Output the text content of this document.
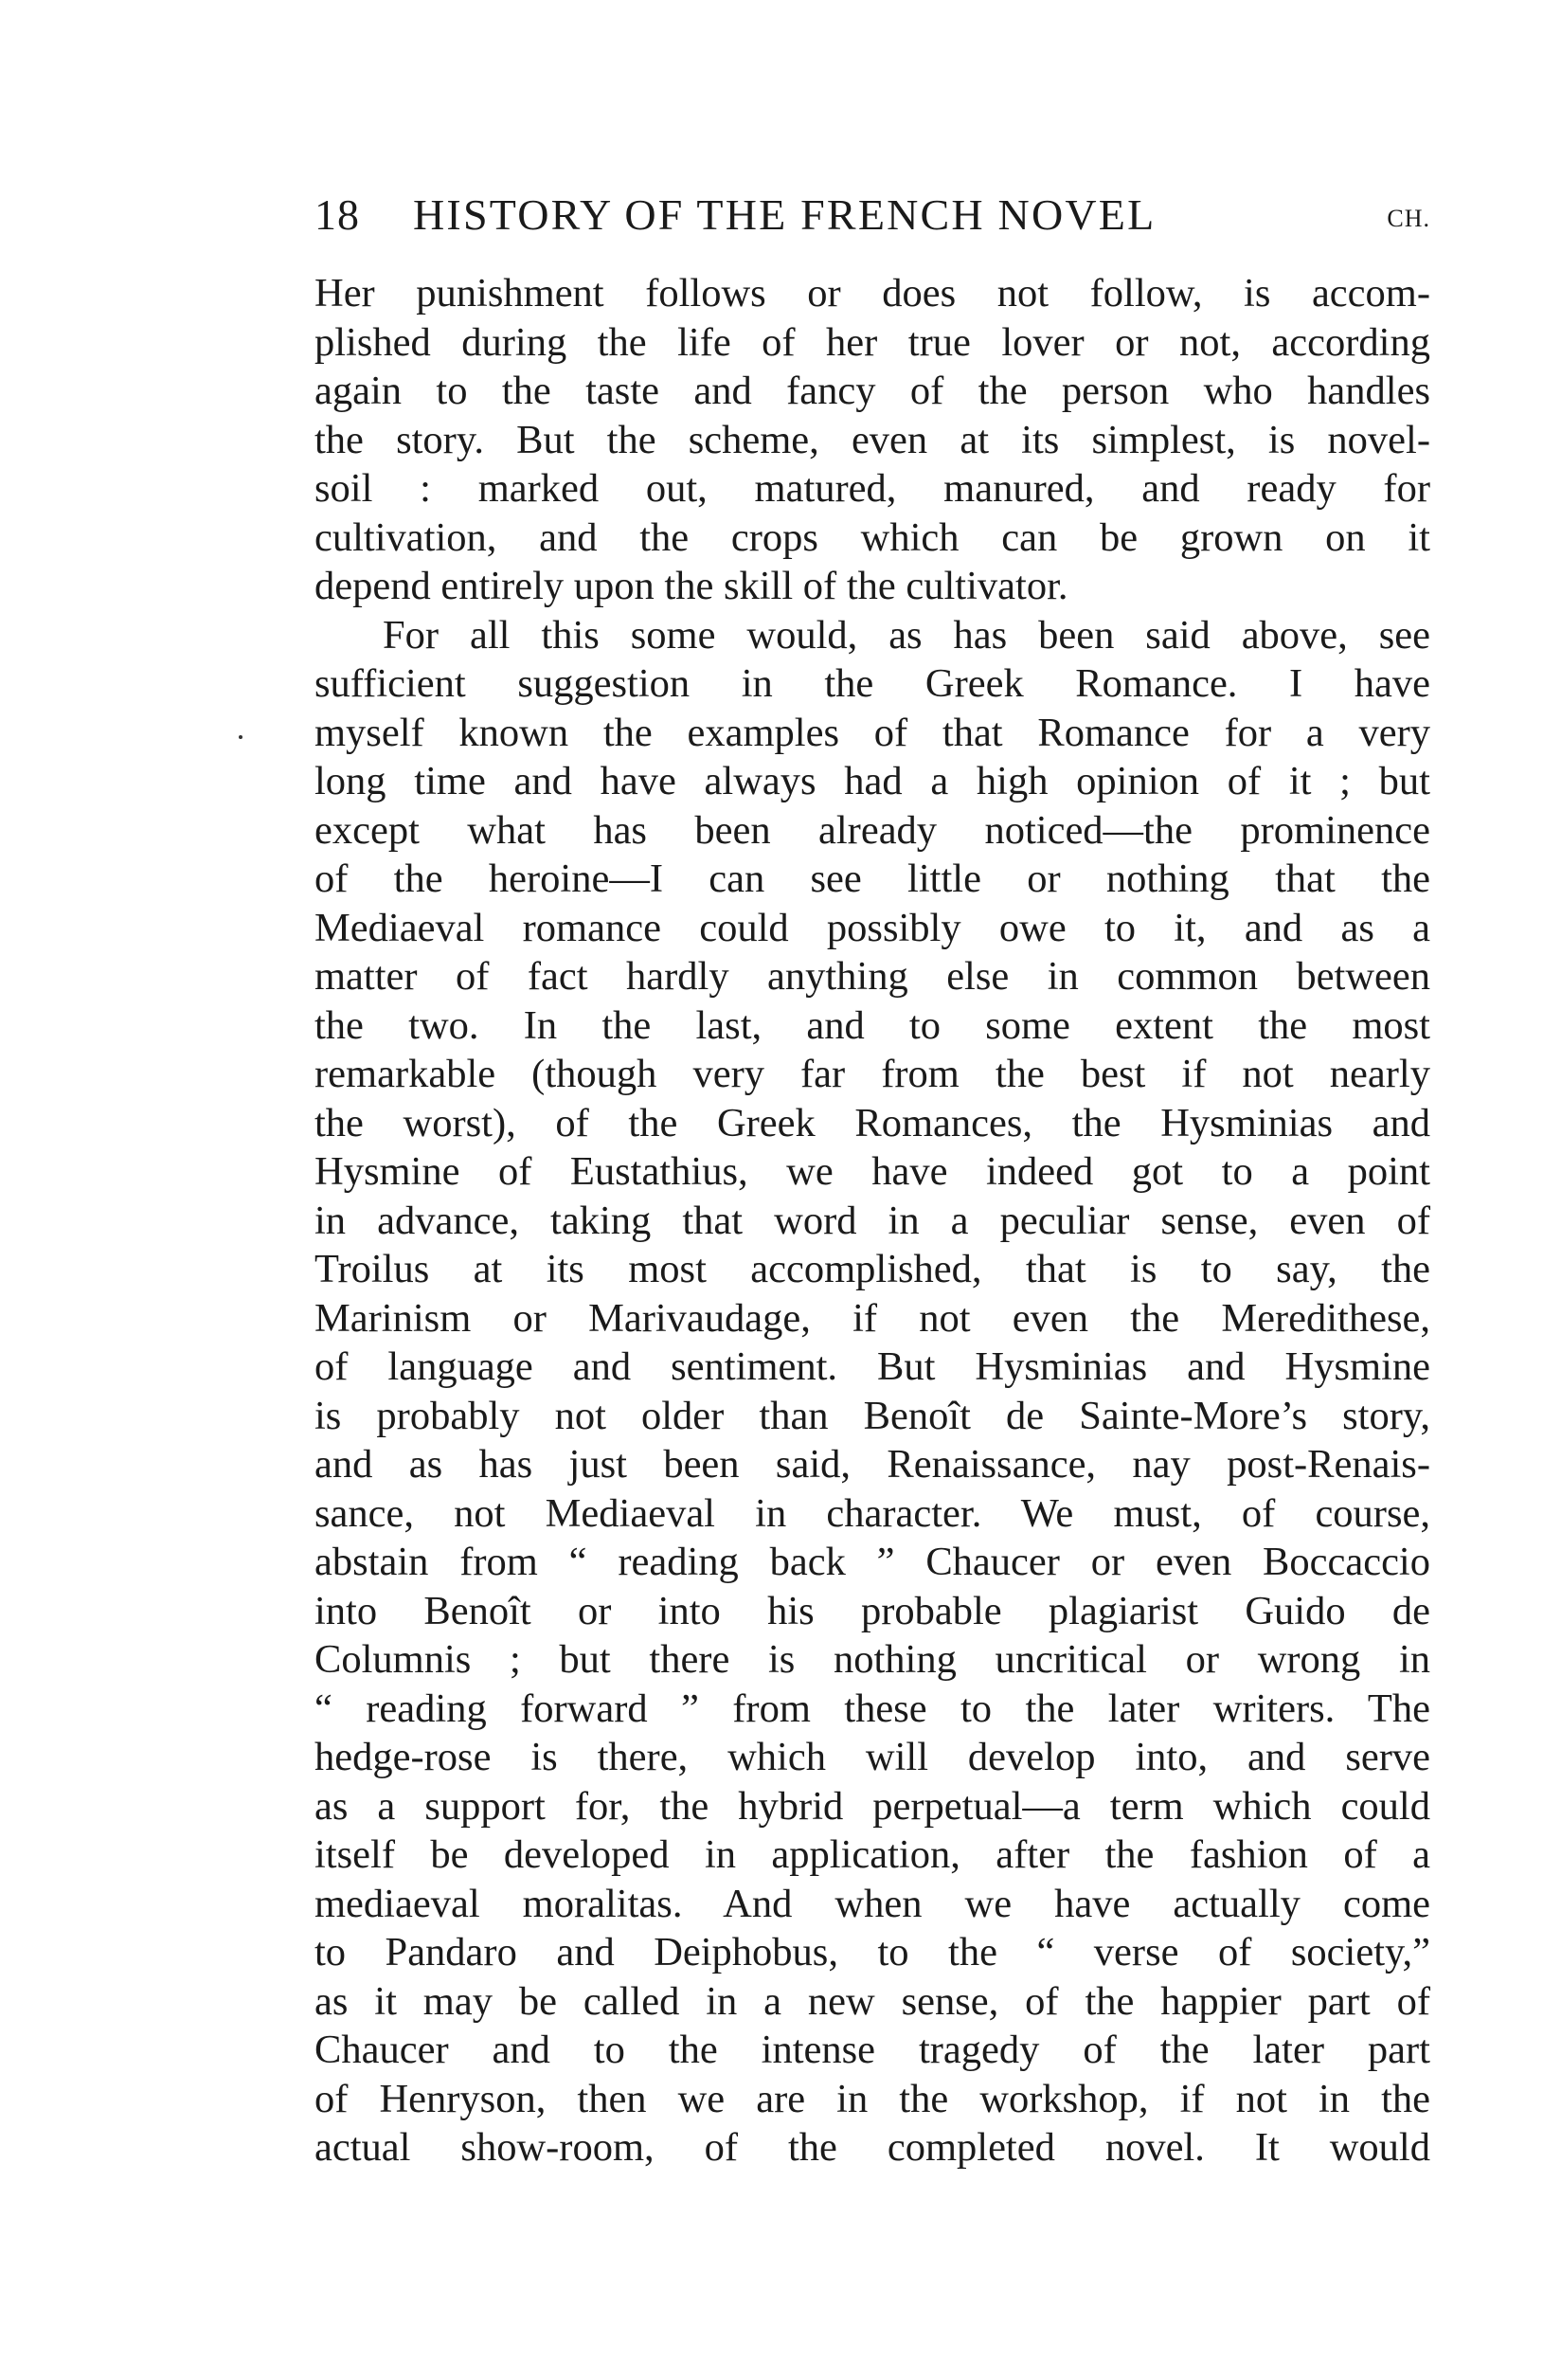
18 HISTORY OF THE FRENCH NOVEL	CH.
Her punishment follows or does not follow, is accom-
plished during the life of her true lover or not, according
again to the taste and fancy of the person who handles
the story. But the scheme, even at its simplest, is novel-
soil : marked out, matured, manured, and ready for
cultivation, and the crops which can be grown on it
depend entirely upon the skill of the cultivator.
For all this some would, as has been said above, see
sufficient suggestion in the Greek Romance. I have
myself known the examples of that Romance for a very
long time and have always had a high opinion of it ; but
except what has been already noticed—the prominence
of the heroine—I can see little or nothing that the
Mediaeval romance could possibly owe to it, and as a
matter of fact hardly anything else in common between
the two. In the last, and to some extent the most
remarkable (though very far from the best if not nearly
the worst), of the Greek Romances, the Hysminias and
Hysmine of Eustathius, we have indeed got to a point
in advance, taking that word in a peculiar sense, even of
Troilus at its most accomplished, that is to say, the
Marinism or Marivaudage, if not even the Meredithese,
of language and sentiment. But Hysminias and Hysmine
is probably not older than Benoît de Sainte-More’s story,
and as has just been said, Renaissance, nay post-Renais-
sance, not Mediaeval in character. We must, of course,
abstain from “ reading back ” Chaucer or even Boccaccio
into Benoît or into his probable plagiarist Guido de
Columnis ; but there is nothing uncritical or wrong in
“ reading forward ” from these to the later writers. The
hedge-rose is there, which will develop into, and serve
as a support for, the hybrid perpetual—a term which could
itself be developed in application, after the fashion of a
mediaeval moralitas. And when we have actually come
to Pandaro and Deiphobus, to the “ verse of society,”
as it may be called in a new sense, of the happier part of
Chaucer and to the intense tragedy of the later part
of Henryson, then we are in the workshop, if not in the
actual show-room, of the completed novel. It would
